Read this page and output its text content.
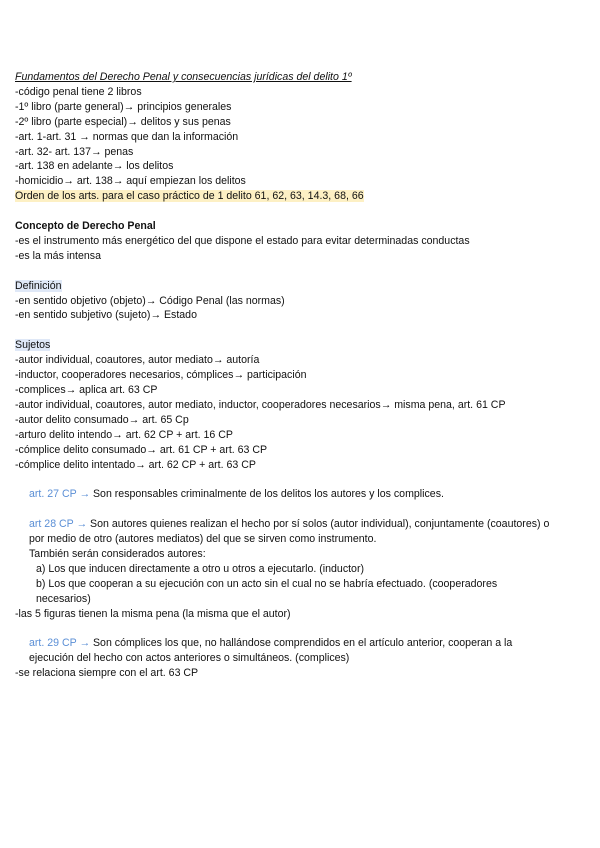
Fundamentos del Derecho Penal y consecuencias jurídicas del delito 1º
-código penal tiene 2 libros
-1º libro (parte general)→ principios generales
-2º libro (parte especial)→ delitos y sus penas
-art. 1-art. 31 → normas que dan la información
-art. 32- art. 137→ penas
-art. 138 en adelante→ los delitos
-homicidio→ art. 138→ aquí empiezan los delitos
Orden de los arts. para el caso práctico de 1 delito 61, 62, 63, 14.3, 68, 66
Concepto de Derecho Penal
-es el instrumento más energético del que dispone el estado para evitar determinadas conductas
-es la más intensa
Definición
-en sentido objetivo (objeto)→ Código Penal (las normas)
-en sentido subjetivo (sujeto)→ Estado
Sujetos
-autor individual, coautores, autor mediato→ autoría
-inductor, cooperadores necesarios, cómplices→ participación
-complices→ aplica art. 63 CP
-autor individual, coautores, autor mediato, inductor, cooperadores necesarios→ misma pena, art. 61 CP
-autor delito consumado→ art. 65 Cp
-arturo delito intendo→ art. 62 CP + art. 16 CP
-cómplice delito consumado→ art. 61 CP + art. 63 CP
-cómplice delito intentado→ art. 62 CP + art. 63 CP
art. 27 CP → Son responsables criminalmente de los delitos los autores y los complices.
art 28 CP → Son autores quienes realizan el hecho por sí solos (autor individual), conjuntamente (coautores) o
por medio de otro (autores mediatos) del que se sirven como instrumento.
También serán considerados autores:
a) Los que inducen directamente a otro u otros a ejecutarlo. (inductor)
b) Los que cooperan a su ejecución con un acto sin el cual no se habría efectuado. (cooperadores
necesarios)
-las 5 figuras tienen la misma pena (la misma que el autor)
art. 29 CP → Son cómplices los que, no hallándose comprendidos en el artículo anterior, cooperan a la
ejecución del hecho con actos anteriores o simultáneos. (complices)
-se relaciona siempre con el art. 63 CP
